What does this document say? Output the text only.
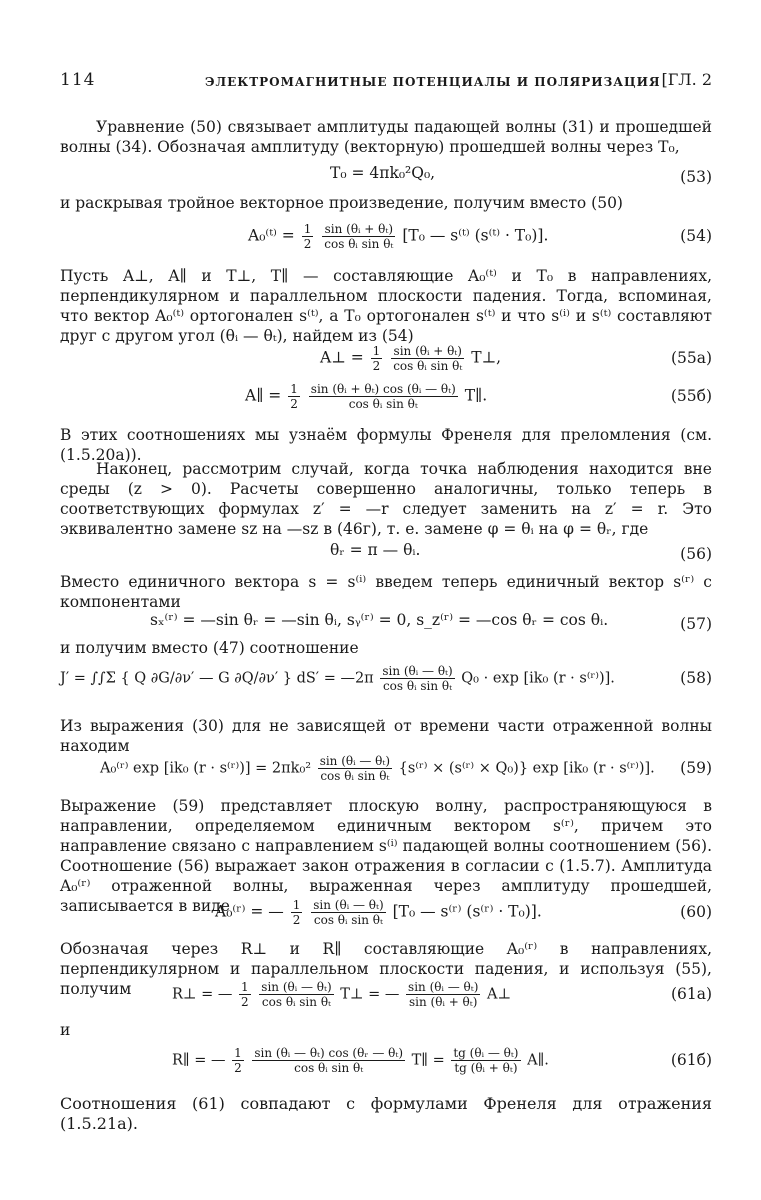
114	ЭЛЕКТРОМАГНИТНЫЕ ПОТЕНЦИАЛЫ И ПОЛЯРИЗАЦИЯ [ГЛ. 2
Уравнение (50) связывает амплитуды падающей волны (31) и прошедшей волны (34). Обозначая амплитуду (векторную) прошедшей волны через T₀,
T₀ = 4πk₀²Q₀,	(53)
и раскрывая тройное векторное произведение, получим вместо (50)
A₀⁽ᵗ⁾ = $\frac{1}{2}$
$\frac{\text{sin (θᵢ + θₜ)}}{\text{cos θᵢ sin θₜ}} [T_0$ — s⁽ᵗ⁾ (s⁽ᵗ⁾ · T₀)].	(54)
Пусть A⊥, A∥ и T⊥, T∥ — составляющие A₀⁽ᵗ⁾ и T₀ в направлениях, перпендикулярном и параллельном плоскости падения. Тогда, вспоминая, что вектор A₀⁽ᵗ⁾ ортогонален s⁽ᵗ⁾, а T₀ ортогонален s⁽ᵗ⁾ и что s⁽ⁱ⁾ и s⁽ᵗ⁾ составляют друг с другом угол (θᵢ — θₜ), найдем из (54)
A⊥ = $\frac{1}{2}$
$\frac{\text{sin (θᵢ + θₜ)}}{\text{cos θᵢ sin θₜ}}$ T⊥,	(55а)
A∥ = $\frac{1}{2}$
$\frac{\text{sin (θᵢ + θₜ) cos (θᵢ — θₜ)}}{\text{cos θᵢ sin θₜ}}$ T∥.	(55б)
В этих соотношениях мы узнаём формулы Френеля для преломления (см. (1.5.20а)).
Наконец, рассмотрим случай, когда точка наблюдения находится вне среды (z > 0). Расчеты совершенно аналогичны, только теперь в соответствующих формулах z′ = —r следует заменить на z′ = r. Это эквивалентно замене sz на —sz в (46г), т. е. замене φ = θᵢ на φ = θᵣ, где
θᵣ = π — θᵢ.	(56)
Вместо единичного вектора s = s⁽ⁱ⁾ введем теперь единичный вектор s⁽ʳ⁾ с компонентами
sₓ⁽ʳ⁾ = —sin θᵣ = —sin θᵢ, sᵧ⁽ʳ⁾ = 0, s_z⁽ʳ⁾ = —cos θᵣ = cos θᵢ.	(57)
и получим вместо (47) соотношение
J′ = ∫∫Σ { Q ∂G/∂ν′ — G ∂Q/∂ν′ } dS′ = —2π $\frac{\text{sin (θᵢ — θₜ)}}{\text{cos θᵢ sin θₜ}} Q_0 \cdot \exp [ik_0$ (r · s⁽ʳ⁾)].	(58)
Из выражения (30) для не зависящей от времени части отраженной волны находим
A₀⁽ʳ⁾ exp [ik₀ (r · s⁽ʳ⁾)] = $2\pi k_0^2 \frac{\text{sin (θᵢ — θₜ)}}{\text{cos θᵢ sin θₜ}}$ {s⁽ʳ⁾ × (s⁽ʳ⁾ × Q₀)} exp [ik₀ (r · s⁽ʳ⁾)]. (59)
Выражение (59) представляет плоскую волну, распространяющуюся в направлении, определяемом единичным вектором s⁽ʳ⁾, причем это направление связано с направлением s⁽ⁱ⁾ падающей волны соотношением (56). Соотношение (56) выражает закон отражения в согласии с (1.5.7). Амплитуда A₀⁽ʳ⁾ отраженной волны, выраженная через амплитуду прошедшей, записывается в виде
A₀⁽ʳ⁾ = — $\frac{1}{2}$
$\frac{\text{sin (θᵢ — θₜ)}}{\text{cos θᵢ sin θₜ}} [T_0$ — s⁽ʳ⁾ (s⁽ʳ⁾ · T₀)].	(60)
Обозначая через R⊥ и R∥ составляющие A₀⁽ʳ⁾ в направлениях, перпендикулярном и параллельном плоскости падения, и используя (55), получим	R⊥ = — $\frac{1}{2}$
$\frac{\text{sin (θᵢ — θₜ)}}{\text{cos θᵢ sin θₜ}}$ T⊥ = — $\frac{\text{sin (θᵢ — θₜ)}}{\text{sin (θᵢ + θₜ)}}$ A⊥	(61а)
и
R∥ = — $\frac{1}{2}$
$\frac{\text{sin (θᵢ — θₜ) cos (θᵣ — θₜ)}}{\text{cos θᵢ sin θₜ}}$ T∥ = $\frac{\text{tg (θᵢ — θₜ)}}{\text{tg (θᵢ + θₜ)}}$ A∥.	(61б)
Соотношения (61) совпадают с формулами Френеля для отражения (1.5.21а).
